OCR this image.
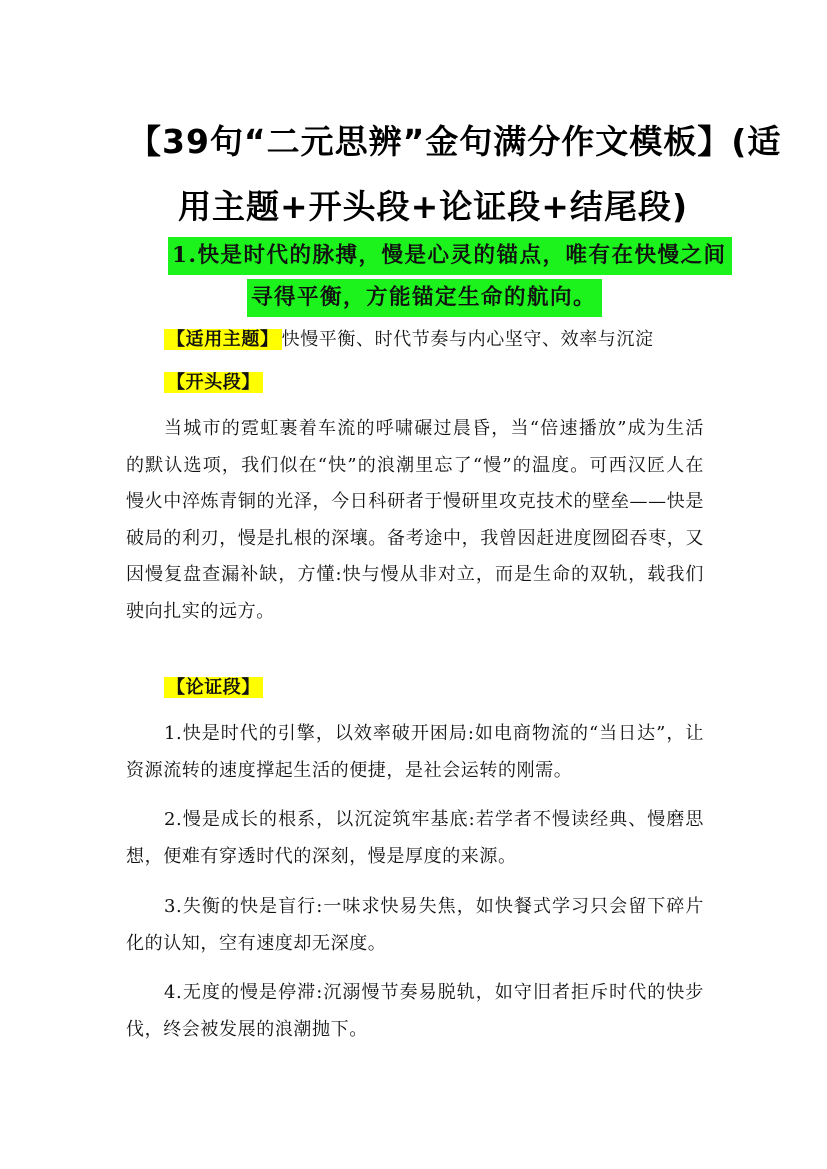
【39句“二元思辨”金句满分作文模板】(适
用主题+开头段+论证段+结尾段)
1.快是时代的脉搏，慢是心灵的锚点，唯有在快慢之间
寻得平衡，方能锚定生命的航向。
【适用主题】 快慢平衡、时代节奏与内心坚守、效率与沉淀
【开头段】
当城市的霓虹裹着车流的呼啸碾过晨昏，当“倍速播放”成为生活的默认选项，我们似在“快”的浪潮里忘了“慢”的温度。可西汉匠人在慢火中淬炼青铜的光泽，今日科研者于慢研里攻克技术的壁垒——快是破局的利刃，慢是扎根的深壤。备考途中，我曾因赶进度囫囵吞枣，又因慢复盘查漏补缺，方懂:快与慢从非对立，而是生命的双轨，载我们驶向扎实的远方。
【论证段】
1.快是时代的引擎，以效率破开困局:如电商物流的“当日达”，让资源流转的速度撑起生活的便捷，是社会运转的刚需。
2.慢是成长的根系，以沉淀筑牢基底:若学者不慢读经典、慢磨思想，便难有穿透时代的深刻，慢是厚度的来源。
3.失衡的快是盲行:一味求快易失焦，如快餐式学习只会留下碎片化的认知，空有速度却无深度。
4.无度的慢是停滞:沉溺慢节奏易脱轨，如守旧者拒斥时代的快步伐，终会被发展的浪潮抛下。
